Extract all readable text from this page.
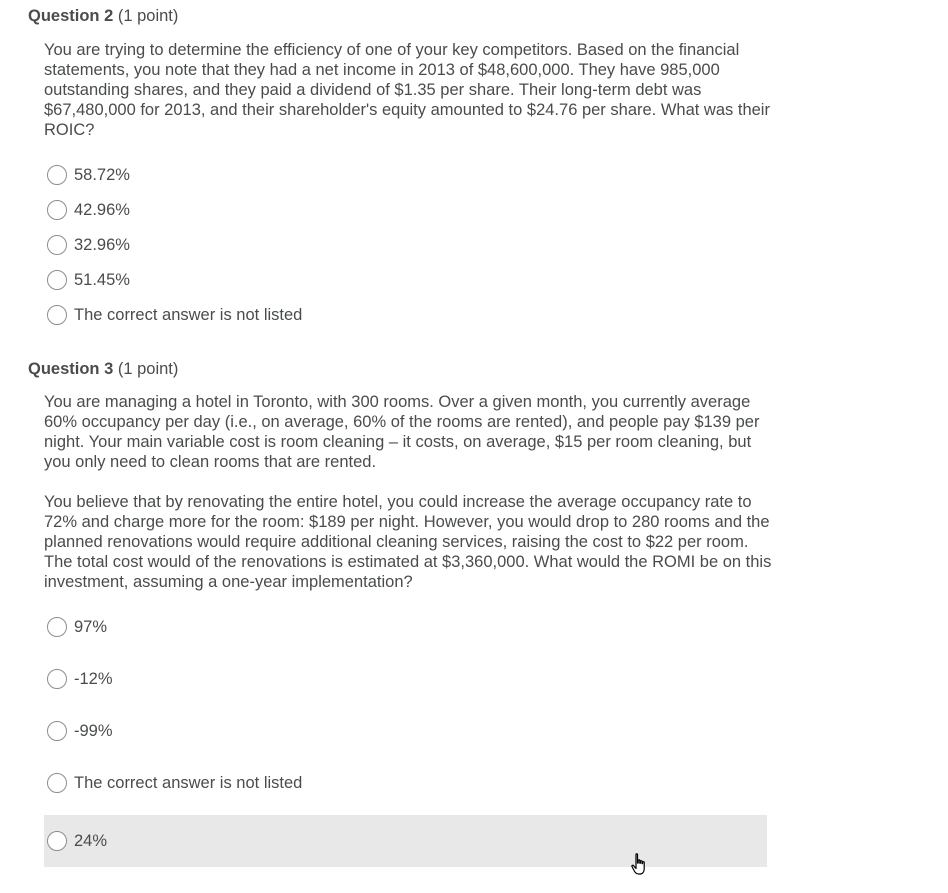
Question 2 (1 point)

You are trying to determine the efficiency of one of your key competitors. Based on the financial statements, you note that they had a net income in 2013 of $48,600,000. They have 985,000 outstanding shares, and they paid a dividend of $1.35 per share. Their long-term debt was $67,480,000 for 2013, and their shareholder's equity amounted to $24.76 per share. What was their ROIC?

58.72%
42.96%
32.96%
51.45%
The correct answer is not listed
Question 3 (1 point)

You are managing a hotel in Toronto, with 300 rooms. Over a given month, you currently average 60% occupancy per day (i.e., on average, 60% of the rooms are rented), and people pay $139 per night. Your main variable cost is room cleaning – it costs, on average, $15 per room cleaning, but you only need to clean rooms that are rented.

You believe that by renovating the entire hotel, you could increase the average occupancy rate to 72% and charge more for the room: $189 per night. However, you would drop to 280 rooms and the planned renovations would require additional cleaning services, raising the cost to $22 per room. The total cost would of the renovations is estimated at $3,360,000. What would the ROMI be on this investment, assuming a one-year implementation?

97%
-12%
-99%
The correct answer is not listed
24%
